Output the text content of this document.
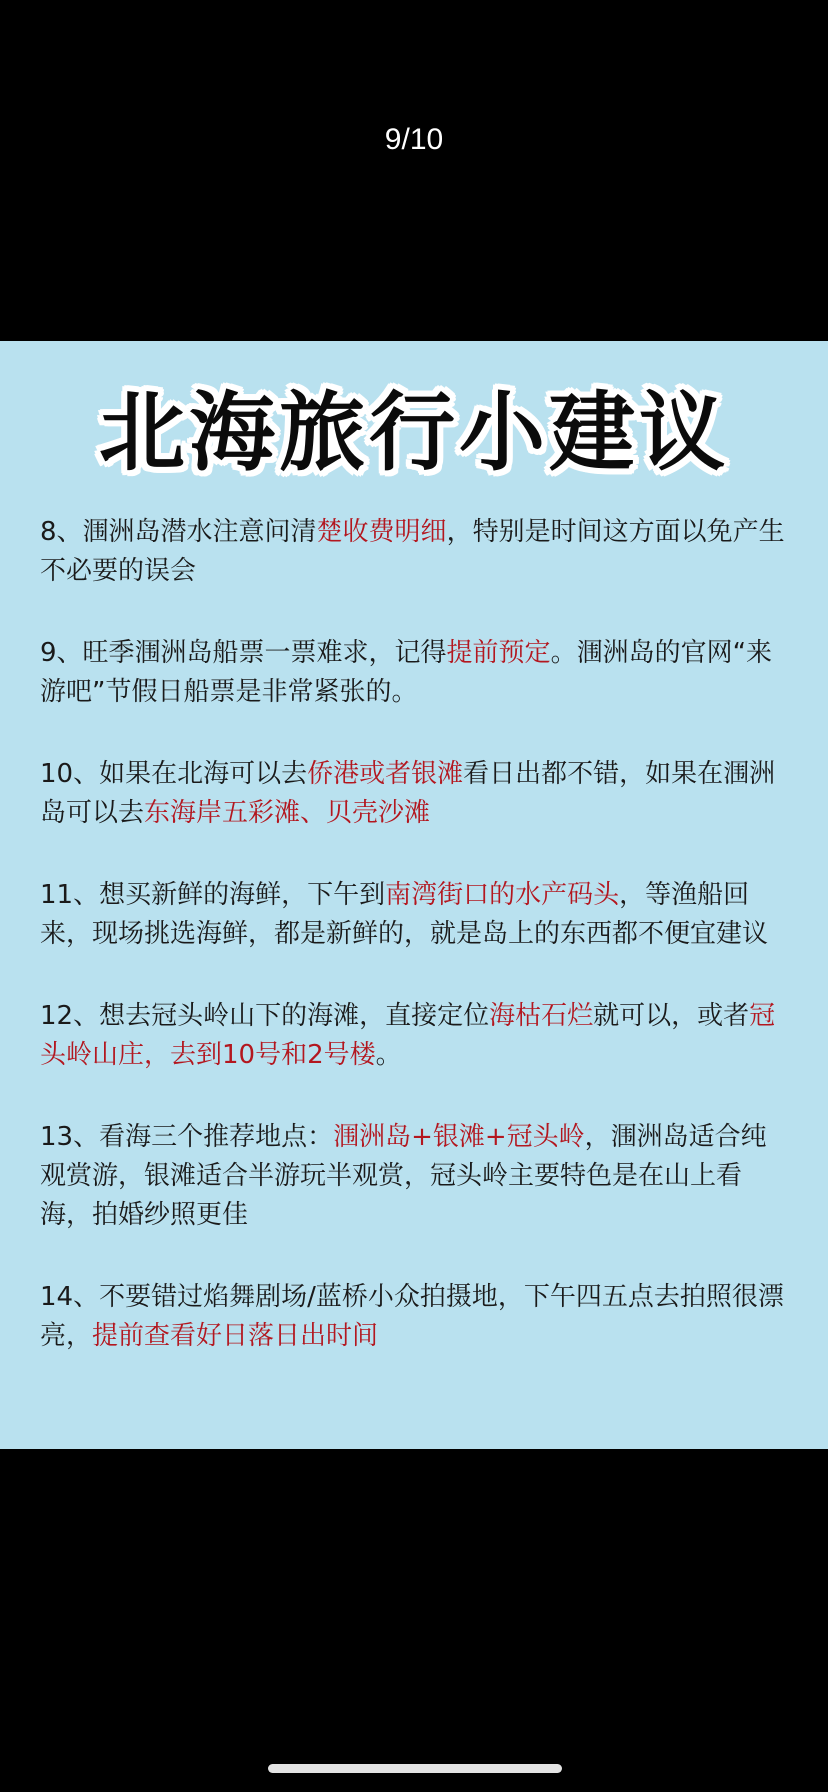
9/10
北海旅行小建议

8、涠洲岛潜水注意问清楚收费明细，特别是时间这方面以免产生不必要的误会

9、旺季涠洲岛船票一票难求，记得提前预定。涠洲岛的官网“来游吧”节假日船票是非常紧张的。

10、如果在北海可以去侨港或者银滩看日出都不错，如果在涠洲岛可以去东海岸五彩滩、贝壳沙滩

11、想买新鲜的海鲜，下午到南湾街口的水产码头，等渔船回来，现场挑选海鲜，都是新鲜的，就是岛上的东西都不便宜建议

12、想去冠头岭山下的海滩，直接定位海枯石烂就可以，或者冠头岭山庄，去到10号和2号楼。

13、看海三个推荐地点：涠洲岛+银滩+冠头岭，涠洲岛适合纯观赏游，银滩适合半游玩半观赏，冠头岭主要特色是在山上看海，拍婚纱照更佳

14、不要错过焰舞剧场/蓝桥小众拍摄地，下午四五点去拍照很漂亮，提前查看好日落日出时间
